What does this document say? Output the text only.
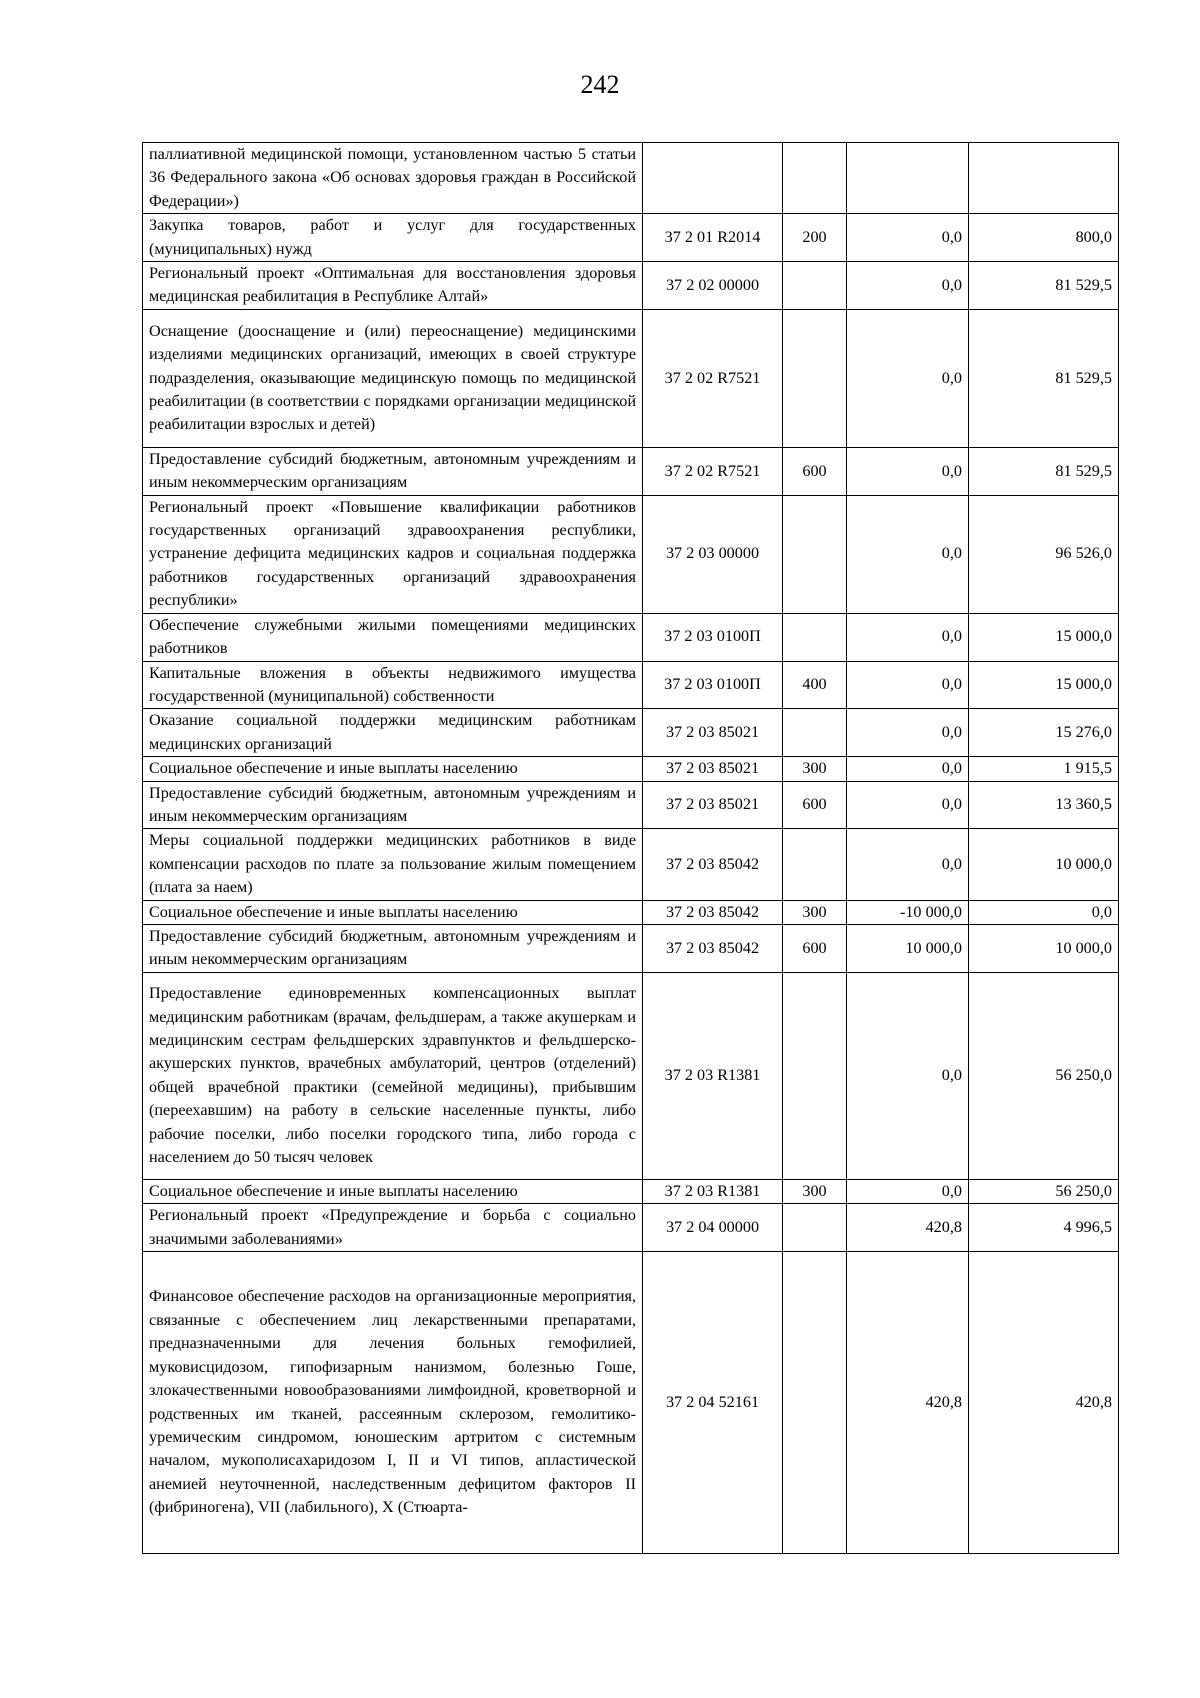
242
паллиативной медицинской помощи, установленном частью 5 статьи 36 Федерального закона «Об основах здоровья граждан в Российской Федерации»)				
Закупка товаров, работ и услуг для государственных (муниципальных) нужд	37 2 01 R2014	200	0,0	800,0
Региональный проект «Оптимальная для восстановления здоровья медицинская реабилитация в Республике Алтай»	37 2 02 00000		0,0	81 529,5
Оснащение (дооснащение и (или) переоснащение) медицинскими изделиями медицинских организаций, имеющих в своей структуре подразделения, оказывающие медицинскую помощь по медицинской реабилитации (в соответствии с порядками организации медицинской реабилитации взрослых и детей)	37 2 02 R7521		0,0	81 529,5
Предоставление субсидий бюджетным, автономным учреждениям и иным некоммерческим организациям	37 2 02 R7521	600	0,0	81 529,5
Региональный проект «Повышение квалификации работников государственных организаций здравоохранения республики, устранение дефицита медицинских кадров и социальная поддержка работников государственных организаций здравоохранения республики»	37 2 03 00000		0,0	96 526,0
Обеспечение служебными жилыми помещениями медицинских работников	37 2 03 0100П		0,0	15 000,0
Капитальные вложения в объекты недвижимого имущества государственной (муниципальной) собственности	37 2 03 0100П	400	0,0	15 000,0
Оказание социальной поддержки медицинским работникам медицинских организаций	37 2 03 85021		0,0	15 276,0
Социальное обеспечение и иные выплаты населению	37 2 03 85021	300	0,0	1 915,5
Предоставление субсидий бюджетным, автономным учреждениям и иным некоммерческим организациям	37 2 03 85021	600	0,0	13 360,5
Меры социальной поддержки медицинских работников в виде компенсации расходов по плате за пользование жилым помещением (плата за наем)	37 2 03 85042		0,0	10 000,0
Социальное обеспечение и иные выплаты населению	37 2 03 85042	300	-10 000,0	0,0
Предоставление субсидий бюджетным, автономным учреждениям и иным некоммерческим организациям	37 2 03 85042	600	10 000,0	10 000,0
Предоставление единовременных компенсационных выплат медицинским работникам (врачам, фельдшерам, а также акушеркам и медицинским сестрам фельдшерских здравпунктов и фельдшерско-акушерских пунктов, врачебных амбулаторий, центров (отделений) общей врачебной практики (семейной медицины), прибывшим (переехавшим) на работу в сельские населенные пункты, либо рабочие поселки, либо поселки городского типа, либо города с населением до 50 тысяч человек	37 2 03 R1381		0,0	56 250,0
Социальное обеспечение и иные выплаты населению	37 2 03 R1381	300	0,0	56 250,0
Региональный проект «Предупреждение и борьба с социально значимыми заболеваниями»	37 2 04 00000		420,8	4 996,5
Финансовое обеспечение расходов на организационные мероприятия, связанные с обеспечением лиц лекарственными препаратами, предназначенными для лечения больных гемофилией, муковисцидозом, гипофизарным нанизмом, болезнью Гоше, злокачественными новообразованиями лимфоидной, кроветворной и родственных им тканей, рассеянным склерозом, гемолитико-уремическим синдромом, юношеским артритом с системным началом, мукополисахаридозом I, II и VI типов, апластической анемией неуточненной, наследственным дефицитом факторов II (фибриногена), VII (лабильного), X (Стюарта-	37 2 04 52161		420,8	420,8
